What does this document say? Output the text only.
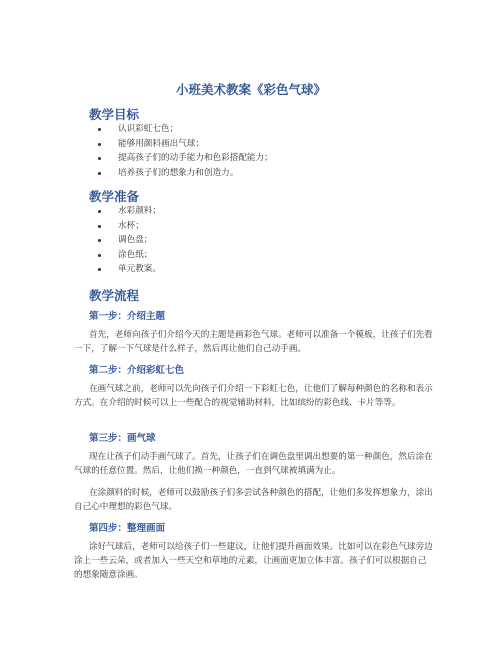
小班美术教案《彩色气球》
教学目标
认识彩虹七色；
能够用颜料画出气球；
提高孩子们的动手能力和色彩搭配能力；
培养孩子们的想象力和创造力。
教学准备
水彩颜料；
水杯；
调色盘；
涂色纸；
单元教案。
教学流程
第一步：介绍主题

首先，老师向孩子们介绍今天的主题是画彩色气球。老师可以准备一个模板，让孩子们先看一下，了解一下气球是什么样子，然后再让他们自己动手画。

第二步：介绍彩虹七色

在画气球之前，老师可以先向孩子们介绍一下彩虹七色，让他们了解每种颜色的名称和表示方式。在介绍的时候可以上一些配合的视觉辅助材料，比如缤纷的彩色线、卡片等等。

第三步：画气球

现在让孩子们动手画气球了。首先，让孩子们在调色盘里调出想要的第一种颜色，然后涂在气球的任意位置。然后，让他们换一种颜色，一直到气球被填满为止。

在涂颜料的时候，老师可以鼓励孩子们多尝试各种颜色的搭配，让他们多发挥想象力，涂出自己心中理想的彩色气球。

第四步：整理画面

涂好气球后，老师可以给孩子们一些建议，让他们提升画面效果。比如可以在彩色气球旁边涂上一些云朵，或者加入一些天空和草地的元素，让画面更加立体丰富。孩子们可以根据自己的想象随意涂画。
